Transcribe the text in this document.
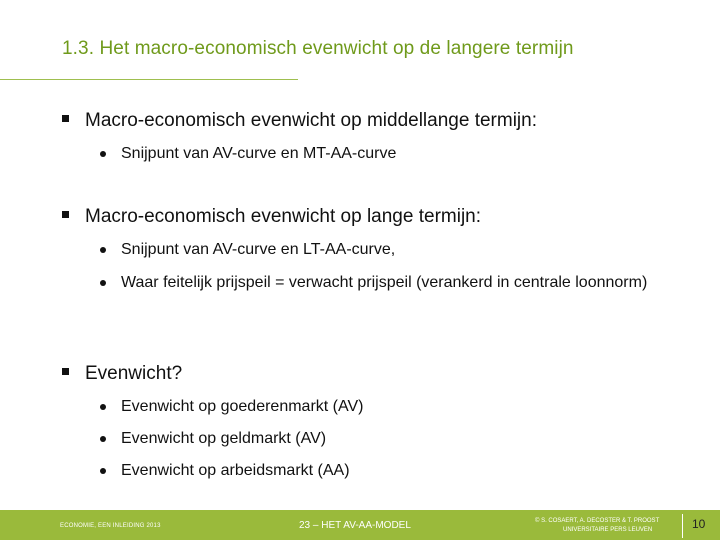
1.3. Het macro-economisch evenwicht op de langere termijn
Macro-economisch evenwicht op middellange termijn:
Snijpunt van AV-curve en MT-AA-curve
Macro-economisch evenwicht op lange termijn:
Snijpunt van AV-curve en LT-AA-curve,
Waar feitelijk prijspeil = verwacht prijspeil (verankerd in centrale loonnorm)
Evenwicht?
Evenwicht op goederenmarkt (AV)
Evenwicht op geldmarkt (AV)
Evenwicht op arbeidsmarkt (AA)
ECONOMIE, EEN INLEIDING 2013	23 – HET AV-AA-MODEL	© S. COSAERT, A. DECOSTER & T. PROOST
UNIVERSITAIRE PERS LEUVEN	10
